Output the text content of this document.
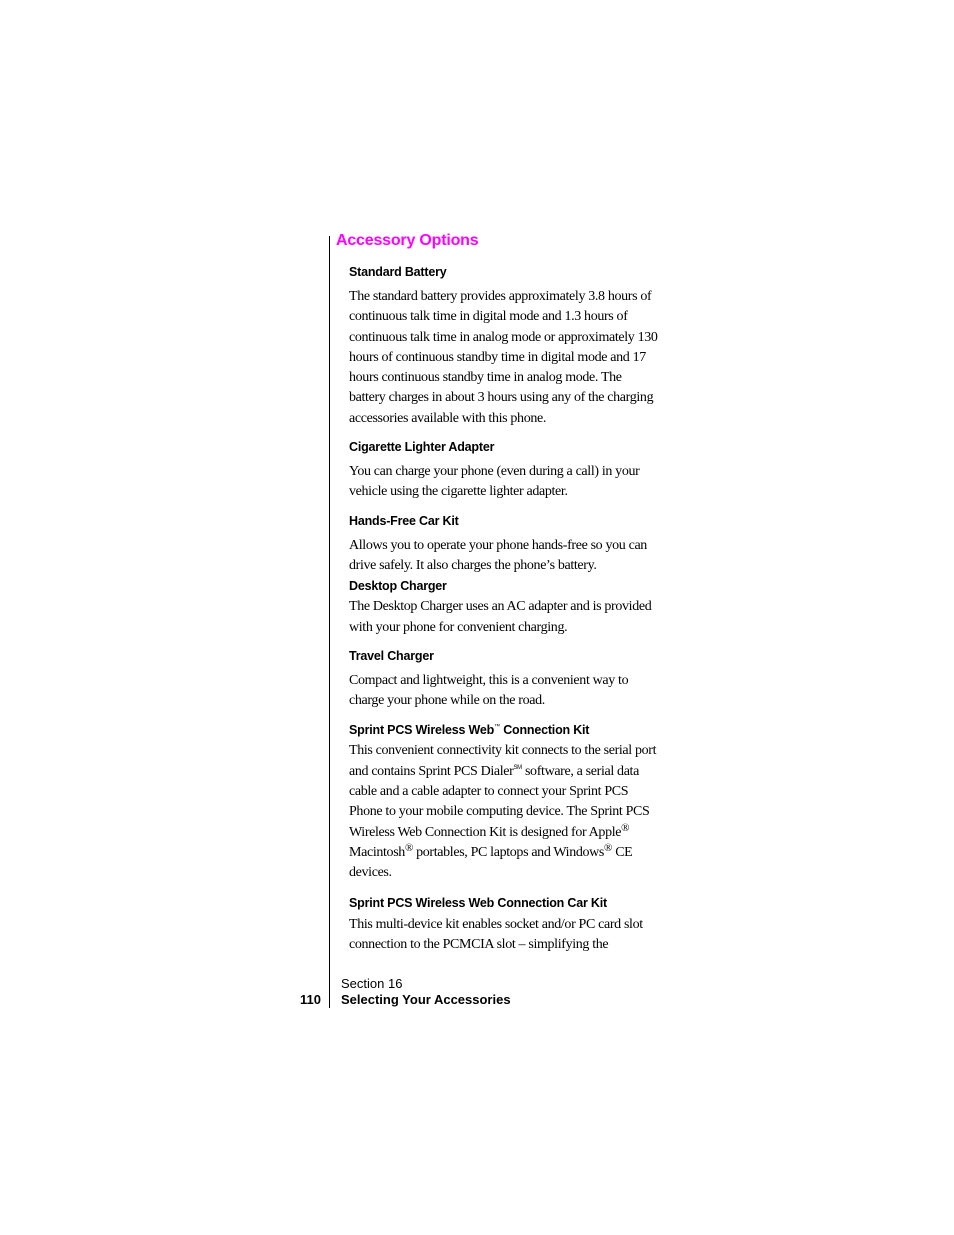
Accessory Options
Standard Battery

The standard battery provides approximately 3.8 hours of continuous talk time in digital mode and 1.3 hours of continuous talk time in analog mode or approximately 130 hours of continuous standby time in digital mode and 17 hours continuous standby time in analog mode. The battery charges in about 3 hours using any of the charging accessories available with this phone.

Cigarette Lighter Adapter

You can charge your phone (even during a call) in your vehicle using the cigarette lighter adapter.

Hands-Free Car Kit

Allows you to operate your phone hands-free so you can drive safely. It also charges the phone’s battery.

Desktop Charger

The Desktop Charger uses an AC adapter and is provided with your phone for convenient charging.

Travel Charger

Compact and lightweight, this is a convenient way to charge your phone while on the road.

Sprint PCS Wireless Web™ Connection Kit

This convenient connectivity kit connects to the serial port and contains Sprint PCS Dialer℠ software, a serial data cable and a cable adapter to connect your Sprint PCS Phone to your mobile computing device. The Sprint PCS Wireless Web Connection Kit is designed for Apple® Macintosh® portables, PC laptops and Windows® CE devices.

Sprint PCS Wireless Web Connection Car Kit

This multi-device kit enables socket and/or PC card slot connection to the PCMCIA slot – simplifying the

Section 16
110 Selecting Your Accessories
